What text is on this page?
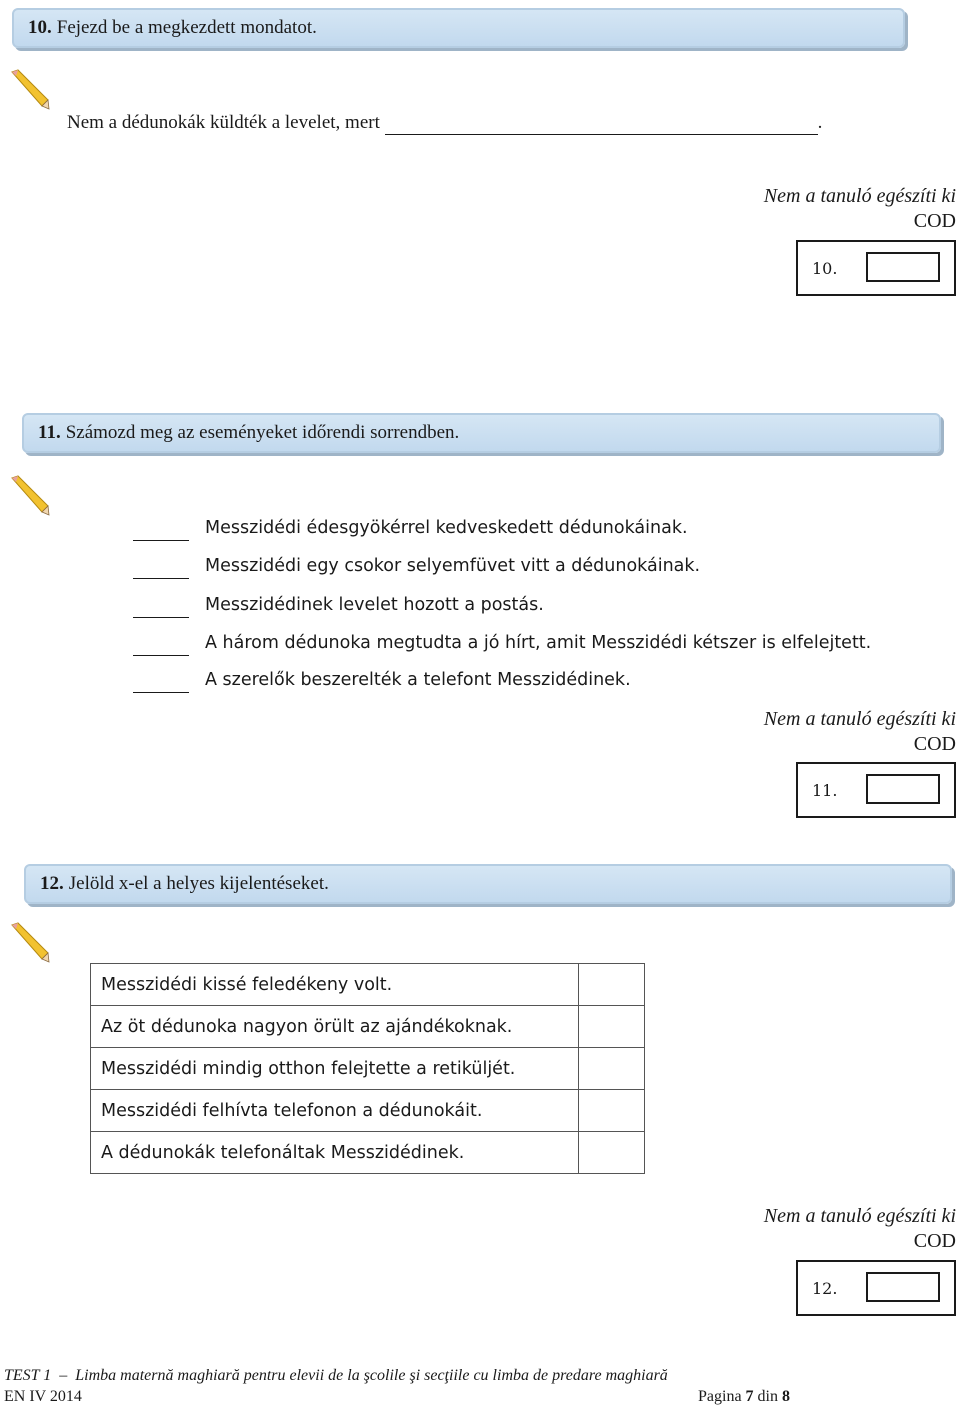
10. Fejezd be a megkezdett mondatot.
Nem a dédunokák küldték a levelet, mert	.
Nem a tanuló egészíti ki
COD
10.
11. Számozd meg az eseményeket időrendi sorrendben.
Messzidédi édesgyökérrel kedveskedett dédunokáinak.
Messzidédi egy csokor selyemfüvet vitt a dédunokáinak.
Messzidédinek levelet hozott a postás.
A három dédunoka megtudta a jó hírt, amit Messzidédi kétszer is elfelejtett.
A szerelők beszerelték a telefont Messzidédinek.
Nem a tanuló egészíti ki
COD
11.
12. Jelöld x-el a helyes kijelentéseket.
Messzidédi kissé feledékeny volt.	
Az öt dédunoka nagyon örült az ajándékoknak.	
Messzidédi mindig otthon felejtette a retiküljét.	
Messzidédi felhívta telefonon a dédunokáit.	
A dédunokák telefonáltak Messzidédinek.	
Nem a tanuló egészíti ki
COD
12.
TEST 1 – Limba maternă maghiară pentru elevii de la şcolile şi secţiile cu limba de predare maghiară
EN IV 2014	Pagina 7 din 8
